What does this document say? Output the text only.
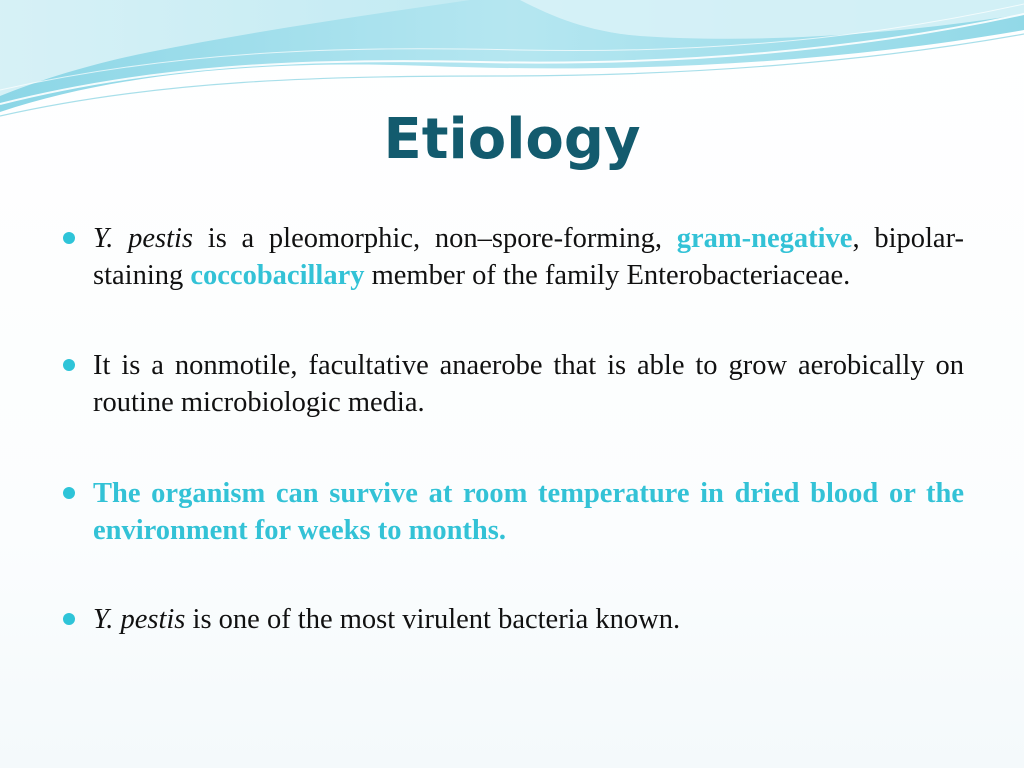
Etiology
Y. pestis is a pleomorphic, non–spore-forming, gram-negative, bipolar-staining coccobacillary member of the family Enterobacteriaceae.
It is a nonmotile, facultative anaerobe that is able to grow aerobically on routine microbiologic media.
The organism can survive at room temperature in dried blood or the environment for weeks to months.
Y. pestis is one of the most virulent bacteria known.
